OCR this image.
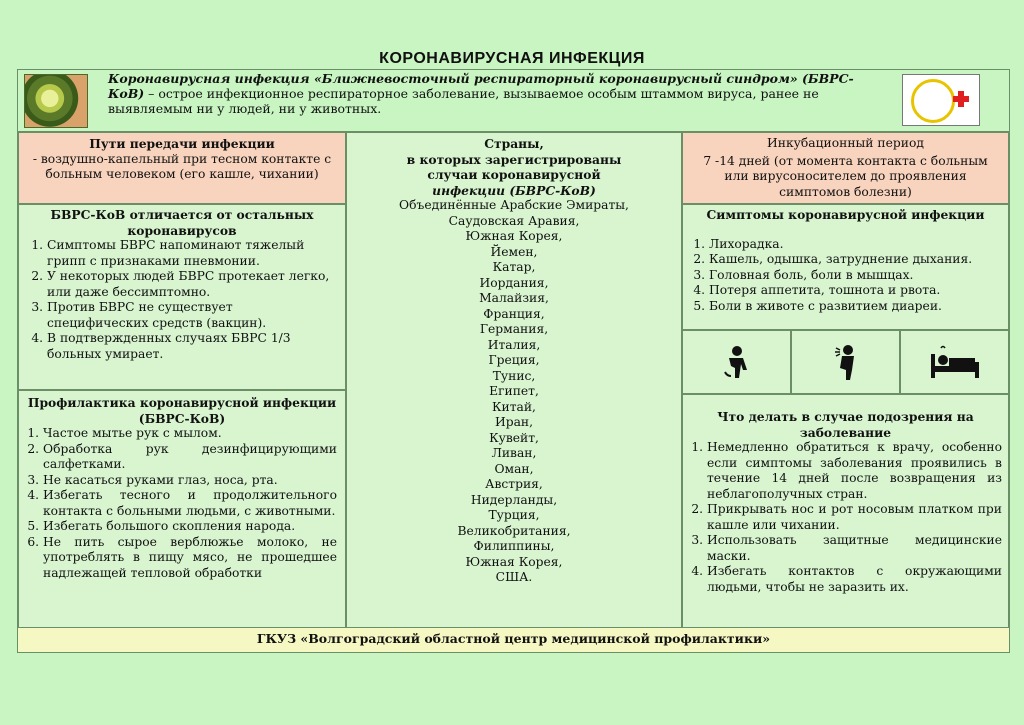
КОРОНАВИРУСНАЯ ИНФЕКЦИЯ
Коронавирусная инфекция «Ближневосточный респираторный коронавирусный синдром» (БВРС-КоВ) – острое инфекционное респираторное заболевание, вызываемое особым штаммом вируса, ранее не выявляемым ни у людей, ни у животных.
Пути передачи инфекции
- воздушно-капельный при тесном контакте с больным человеком (его кашле, чихании)
БВРС-КоВ отличается от остальных коронавирусов
1. Симптомы БВРС напоминают тяжелый грипп с признаками пневмонии.
2. У некоторых людей БВРС протекает легко, или даже бессимптомно.
3. Против БВРС не существует специфических средств (вакцин).
4. В подтвержденных случаях БВРС 1/3 больных умирает.
Профилактика коронавирусной инфекции (БВРС-КоВ)
1. Частое мытье рук с мылом.
2. Обработка рук дезинфицирующими салфетками.
3. Не касаться руками глаз, носа, рта.
4. Избегать тесного и продолжительного контакта с больными людьми, с животными.
5. Избегать большого скопления народа.
6. Не пить сырое верблюжье молоко, не употреблять в пищу мясо, не прошедшее надлежащей тепловой обработки
Страны,
в которых зарегистрированы случаи коронавирусной
инфекции (БВРС-КоВ)
Объединённые Арабские Эмираты,
Саудовская Аравия,
Южная Корея,
Йемен,
Катар,
Иордания,
Малайзия,
Франция,
Германия,
Италия,
Греция,
Тунис,
Египет,
Китай,
Иран,
Кувейт,
Ливан,
Оман,
Австрия,
Нидерланды,
Турция,
Великобритания,
Филиппины,
Южная Корея,
США.
Инкубационный период
7 -14 дней (от момента контакта с больным или вирусоносителем до проявления симптомов болезни)
Симптомы коронавирусной инфекции
1. Лихорадка.
2. Кашель, одышка, затруднение дыхания.
3. Головная боль, боли в мышцах.
4. Потеря аппетита, тошнота и рвота.
5. Боли в животе с развитием диареи.
Что делать в случае подозрения на заболевание
1. Немедленно обратиться к врачу, особенно если симптомы заболевания проявились в течение 14 дней после возвращения из неблагополучных стран.
2. Прикрывать нос и рот носовым платком при кашле или чихании.
3. Использовать защитные медицинские маски.
4. Избегать контактов с окружающими людьми, чтобы не заразить их.
ГКУЗ «Волгоградский областной центр медицинской профилактики»
